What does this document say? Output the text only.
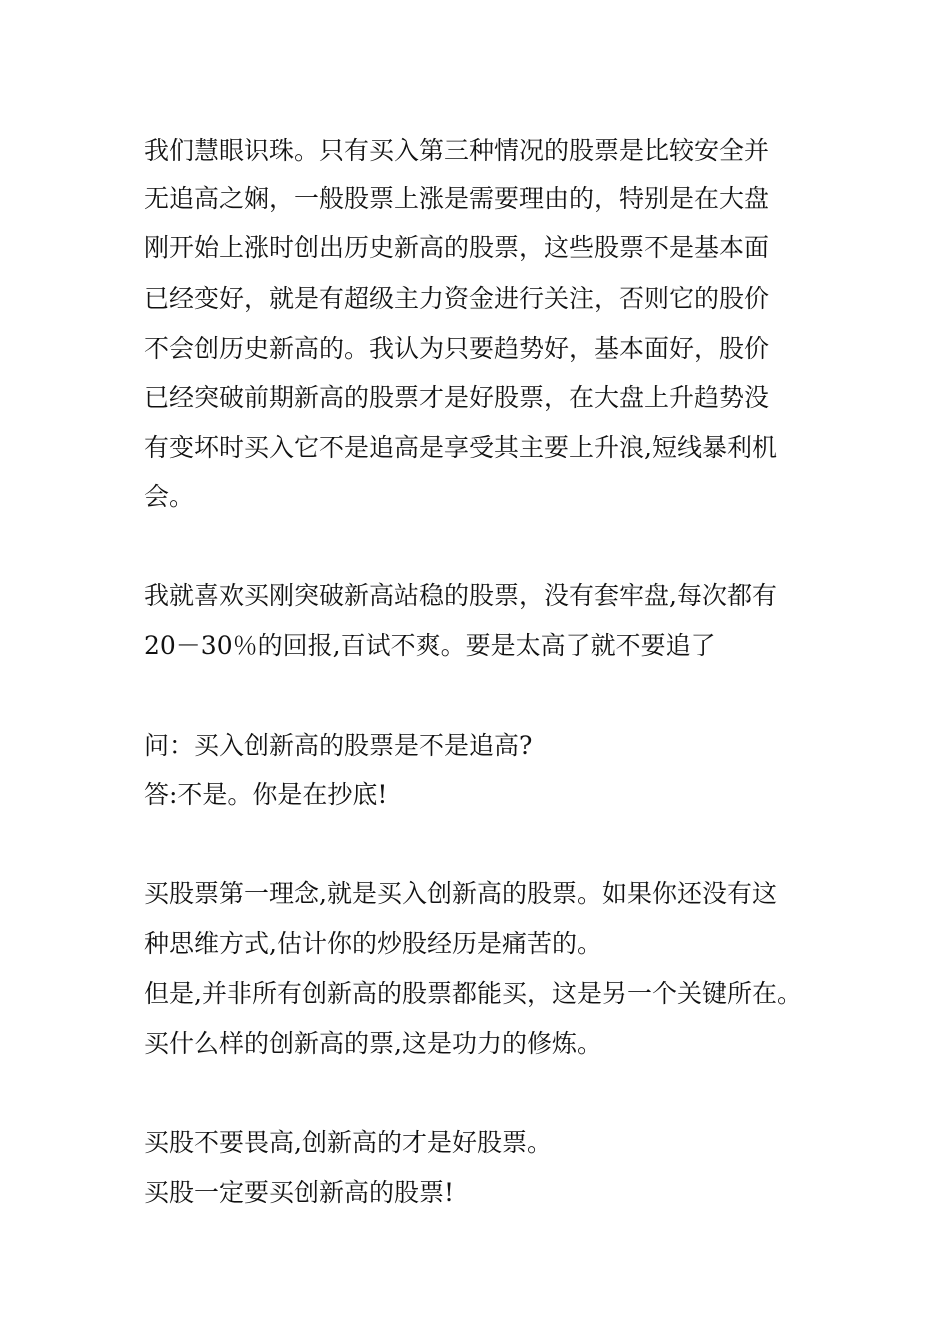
我们慧眼识珠。只有买入第三种情况的股票是比较安全并
无追高之娴，一般股票上涨是需要理由的，特别是在大盘
刚开始上涨时创出历史新高的股票，这些股票不是基本面
已经变好，就是有超级主力资金进行关注，否则它的股价
不会创历史新高的。我认为只要趋势好，基本面好，股价
已经突破前期新高的股票才是好股票，在大盘上升趋势没
有变坏时买入它不是追高是享受其主要上升浪,短线暴利机
会。
我就喜欢买刚突破新高站稳的股票，没有套牢盘,每次都有
20－30％的回报,百试不爽。要是太高了就不要追了
问：买入创新高的股票是不是追高?
答:不是。你是在抄底!
买股票第一理念,就是买入创新高的股票。如果你还没有这
种思维方式,估计你的炒股经历是痛苦的。
但是,并非所有创新高的股票都能买，这是另一个关键所在。
买什么样的创新高的票,这是功力的修炼。
买股不要畏高,创新高的才是好股票。
买股一定要买创新高的股票!
